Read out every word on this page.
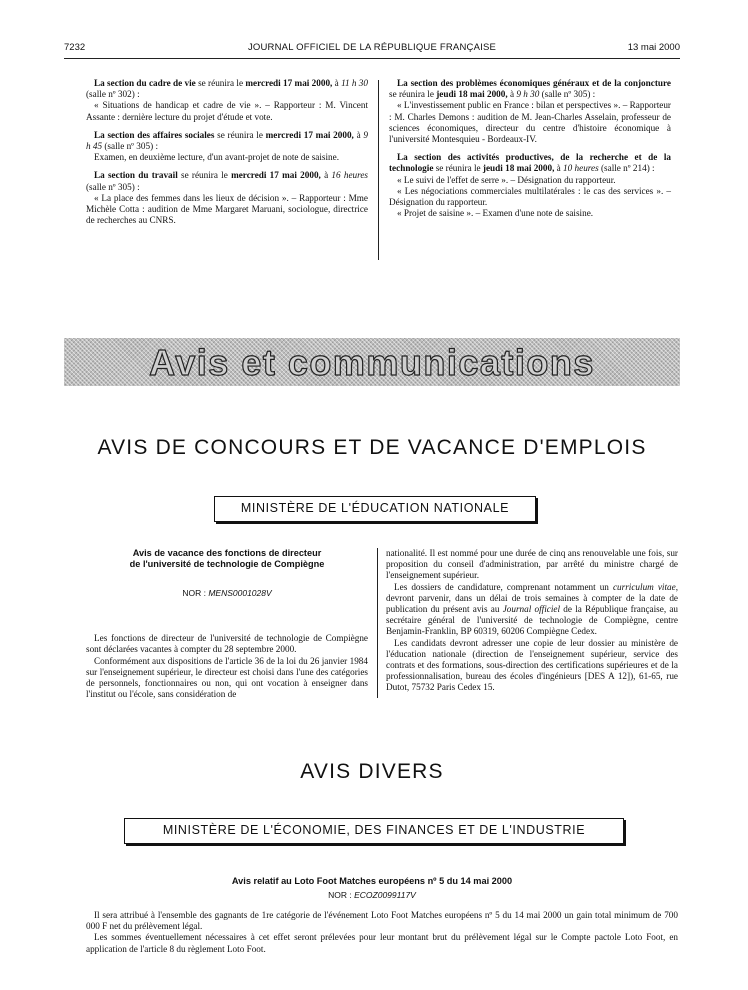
7232	JOURNAL OFFICIEL DE LA RÉPUBLIQUE FRANÇAISE	13 mai 2000

La section du cadre de vie se réunira le mercredi 17 mai 2000, à 11 h 30 (salle nº 302) :

« Situations de handicap et cadre de vie ». – Rapporteur : M. Vincent Assante : dernière lecture du projet d'étude et vote.

La section des affaires sociales se réunira le mercredi 17 mai 2000, à 9 h 45 (salle nº 305) :

Examen, en deuxième lecture, d'un avant-projet de note de saisine.

La section du travail se réunira le mercredi 17 mai 2000, à 16 heures (salle nº 305) :

« La place des femmes dans les lieux de décision ». – Rapporteur : Mme Michèle Cotta : audition de Mme Margaret Maruani, sociologue, directrice de recherches au CNRS.

La section des problèmes économiques généraux et de la conjoncture se réunira le jeudi 18 mai 2000, à 9 h 30 (salle nº 305) :

« L'investissement public en France : bilan et perspectives ». – Rapporteur : M. Charles Demons : audition de M. Jean-Charles Asselain, professeur de sciences économiques, directeur du centre d'histoire économique à l'université Montesquieu - Bordeaux-IV.

La section des activités productives, de la recherche et de la technologie se réunira le jeudi 18 mai 2000, à 10 heures (salle nº 214) :

« Le suivi de l'effet de serre ». – Désignation du rapporteur.

« Les négociations commerciales multilatérales : le cas des services ». – Désignation du rapporteur.

« Projet de saisine ». – Examen d'une note de saisine.

Avis et communications
AVIS DE CONCOURS ET DE VACANCE D'EMPLOIS
MINISTÈRE DE L'ÉDUCATION NATIONALE

Avis de vacance des fonctions de directeur
de l'université de technologie de Compiègne

NOR : MENS0001028V

Les fonctions de directeur de l'université de technologie de Compiègne sont déclarées vacantes à compter du 28 septembre 2000.

Conformément aux dispositions de l'article 36 de la loi du 26 janvier 1984 sur l'enseignement supérieur, le directeur est choisi dans l'une des catégories de personnels, fonctionnaires ou non, qui ont vocation à enseigner dans l'institut ou l'école, sans considération de

nationalité. Il est nommé pour une durée de cinq ans renouvelable une fois, sur proposition du conseil d'administration, par arrêté du ministre chargé de l'enseignement supérieur.

Les dossiers de candidature, comprenant notamment un curriculum vitae, devront parvenir, dans un délai de trois semaines à compter de la date de publication du présent avis au Journal officiel de la République française, au secrétaire général de l'université de technologie de Compiègne, centre Benjamin-Franklin, BP 60319, 60206 Compiègne Cedex.

Les candidats devront adresser une copie de leur dossier au ministère de l'éducation nationale (direction de l'enseignement supérieur, service des contrats et des formations, sous-direction des certifications supérieures et de la professionnalisation, bureau des écoles d'ingénieurs [DES A 12]), 61-65, rue Dutot, 75732 Paris Cedex 15.

AVIS DIVERS
MINISTÈRE DE L'ÉCONOMIE, DES FINANCES ET DE L'INDUSTRIE
Avis relatif au Loto Foot Matches européens nº 5 du 14 mai 2000
NOR : ECOZ0099117V

Il sera attribué à l'ensemble des gagnants de 1re catégorie de l'événement Loto Foot Matches européens nº 5 du 14 mai 2000 un gain total minimum de 700 000 F net du prélèvement légal.

Les sommes éventuellement nécessaires à cet effet seront prélevées pour leur montant brut du prélèvement légal sur le Compte pactole Loto Foot, en application de l'article 8 du règlement Loto Foot.
